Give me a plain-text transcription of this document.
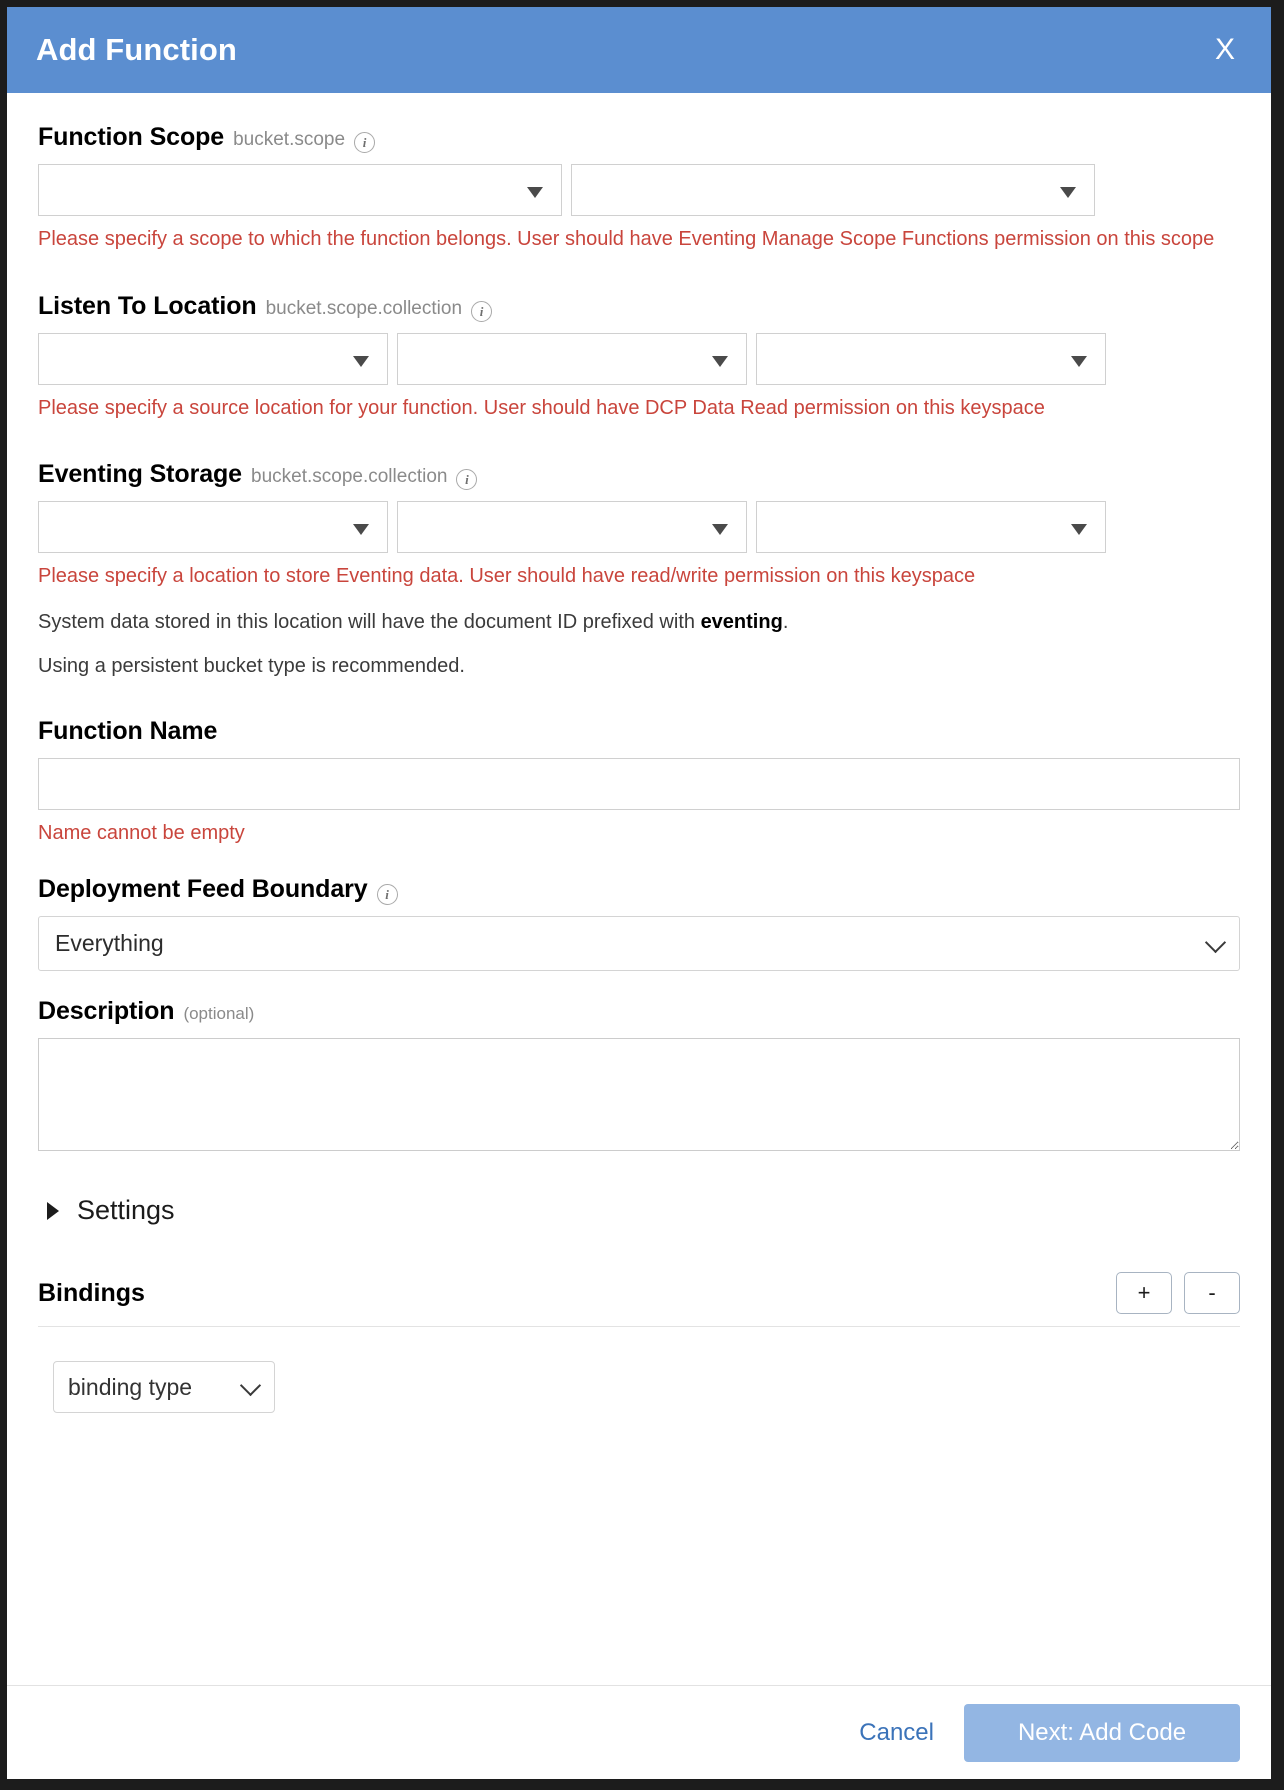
Add Function	X
Function Scope bucket.scope	i

Please specify a scope to which the function belongs. User should have Eventing Manage Scope Functions permission on this scope

Listen To Location bucket.scope.collection	i

Please specify a source location for your function. User should have DCP Data Read permission on this keyspace

Eventing Storage bucket.scope.collection	i

Please specify a location to store Eventing data. User should have read/write permission on this keyspace

System data stored in this location will have the document ID prefixed with eventing.

Using a persistent bucket type is recommended.

Function Name

Name cannot be empty

Deployment Feed Boundary	i
Everything
Description (optional)
Settings
Bindings	+	-
binding type
Cancel	Next: Add Code
